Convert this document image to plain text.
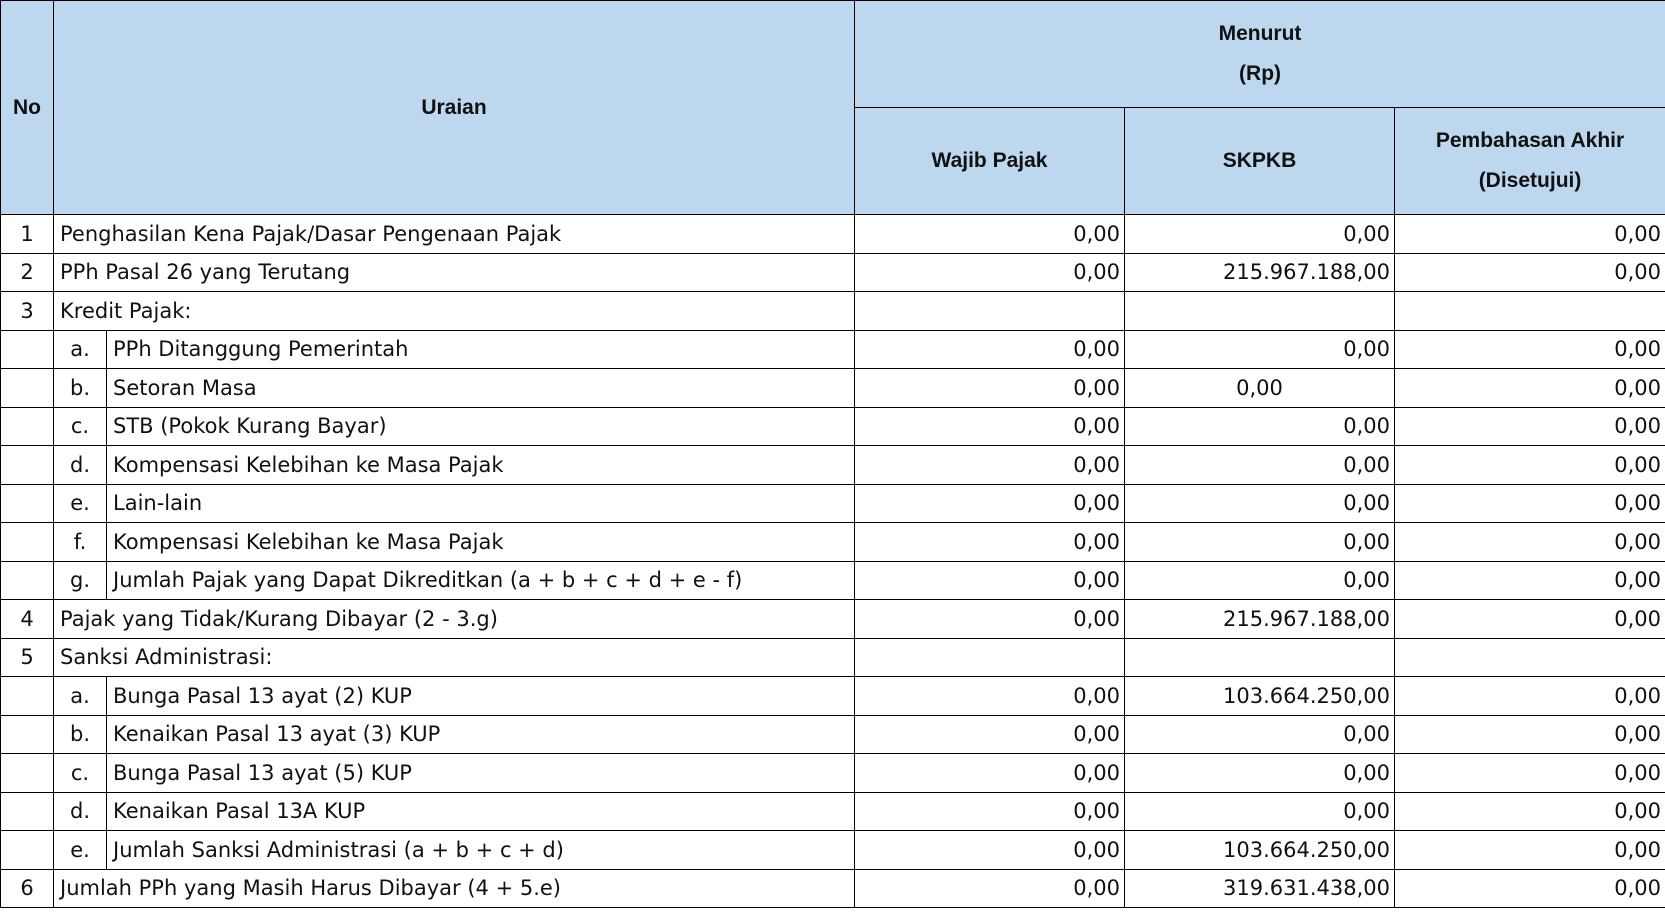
No	Uraian		Menurut
(Rp)		

			Wajib Pajak	SKPKB	Pembahasan Akhir
(Disetujui)

1	Penghasilan Kena Pajak/Dasar Pengenaan Pajak		0,00	0,00	0,00
2	PPh Pasal 26 yang Terutang		0,00	215.967.188,00	0,00
3	Kredit Pajak:				
	a.	PPh Ditanggung Pemerintah	0,00	0,00	0,00
	b.	Setoran Masa	0,00	0,00	0,00
	c.	STB (Pokok Kurang Bayar)	0,00	0,00	0,00
	d.	Kompensasi Kelebihan ke Masa Pajak	0,00	0,00	0,00
	e.	Lain-lain	0,00	0,00	0,00
	f.	Kompensasi Kelebihan ke Masa Pajak	0,00	0,00	0,00
	g.	Jumlah Pajak yang Dapat Dikreditkan (a + b + c + d + e - f)	0,00	0,00	0,00
4	Pajak yang Tidak/Kurang Dibayar (2 - 3.g)		0,00	215.967.188,00	0,00
5	Sanksi Administrasi:				
	a.	Bunga Pasal 13 ayat (2) KUP	0,00	103.664.250,00	0,00
	b.	Kenaikan Pasal 13 ayat (3) KUP	0,00	0,00	0,00
	c.	Bunga Pasal 13 ayat (5) KUP	0,00	0,00	0,00
	d.	Kenaikan Pasal 13A KUP	0,00	0,00	0,00
	e.	Jumlah Sanksi Administrasi (a + b + c + d)	0,00	103.664.250,00	0,00
6	Jumlah PPh yang Masih Harus Dibayar (4 + 5.e)		0,00	319.631.438,00	0,00
